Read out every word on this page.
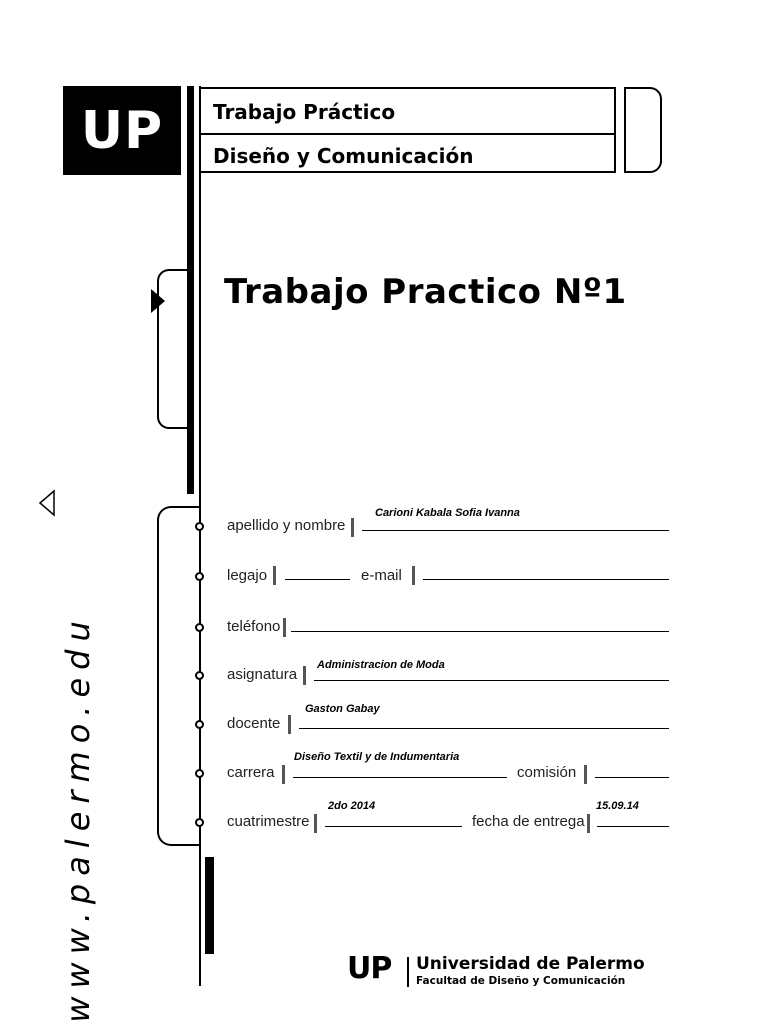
UP Trabajo Práctico
Diseño y Comunicación
Trabajo Practico Nº1
www.palermo.edu
apellido y nombre
Carioni Kabala Sofia Ivanna
legajo	e-mail
teléfono
asignatura
Administracion de Moda
docente
Gaston Gabay
carrera
Diseño Textil y de Indumentaria
comisión
cuatrimestre
2do 2014
fecha de entrega
15.09.14
UP Universidad de Palermo
Facultad de Diseño y Comunicación
